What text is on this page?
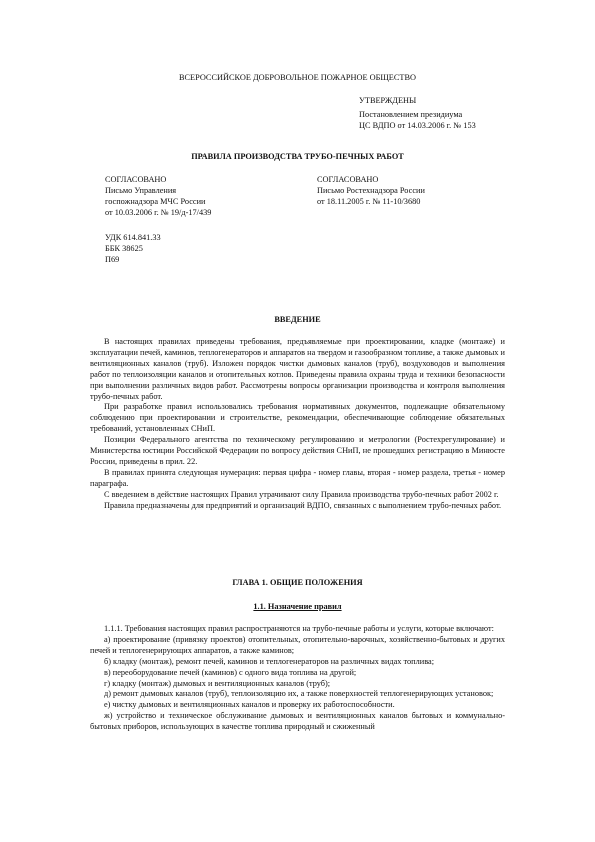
ВСЕРОССИЙСКОЕ ДОБРОВОЛЬНОЕ ПОЖАРНОЕ ОБЩЕСТВО
УТВЕРЖДЕНЫ
Постановлением президиума
ЦС ВДПО от 14.03.2006 г. № 153
ПРАВИЛА ПРОИЗВОДСТВА ТРУБО-ПЕЧНЫХ РАБОТ
СОГЛАСОВАНО
Письмо Управления
госпожнадзора МЧС России
от 10.03.2006 г. № 19/д-17/439
СОГЛАСОВАНО
Письмо Ростехнадзора России
от 18.11.2005 г. № 11-10/3680
УДК 614.841.33
ББК 38625
П69
ВВЕДЕНИЕ

В настоящих правилах приведены требования, предъявляемые при проектировании, кладке (монтаже) и эксплуатации печей, каминов, теплогенераторов и аппаратов на твердом и газообразном топливе, а также дымовых и вентиляционных каналов (труб). Изложен порядок чистки дымовых каналов (труб), воздуховодов и выполнения работ по теплоизоляции каналов и отопительных котлов. Приведены правила охраны труда и техники безопасности при выполнении различных видов работ. Рассмотрены вопросы организации производства и контроля выполнения трубо-печных работ.

При разработке правил использовались требования нормативных документов, подлежащие обязательному соблюдению при проектировании и строительстве, рекомендации, обеспечивающие соблюдение обязательных требований, установленных СНиП.

Позиции Федерального агентства по техническому регулированию и метрологии (Ростехрегулирование) и Министерства юстиции Российской Федерации по вопросу действия СНиП, не прошедших регистрацию в Минюсте России, приведены в прил. 22.

В правилах принята следующая нумерация: первая цифра - номер главы, вторая - номер раздела, третья - номер параграфа.

С введением в действие настоящих Правил утрачивают силу Правила производства трубо-печных работ 2002 г.

Правила предназначены для предприятий и организаций ВДПО, связанных с выполнением трубо-печных работ.

ГЛАВА 1. ОБЩИЕ ПОЛОЖЕНИЯ
1.1. Назначение правил

1.1.1. Требования настоящих правил распространяются на трубо-печные работы и услуги, которые включают:

а) проектирование (привязку проектов) отопительных, отопительно-варочных, хозяйственно-бытовых и других печей и теплогенерирующих аппаратов, а также каминов;

б) кладку (монтаж), ремонт печей, каминов и теплогенераторов на различных видах топлива;

в) переоборудование печей (каминов) с одного вида топлива на другой;

г) кладку (монтаж) дымовых и вентиляционных каналов (труб);

д) ремонт дымовых каналов (труб), теплоизоляцию их, а также поверхностей теплогенерирующих установок;

е) чистку дымовых и вентиляционных каналов и проверку их работоспособности.

ж) устройство и техническое обслуживание дымовых и вентиляционных каналов бытовых и коммунально-бытовых приборов, использующих в качестве топлива природный и сжиженный
